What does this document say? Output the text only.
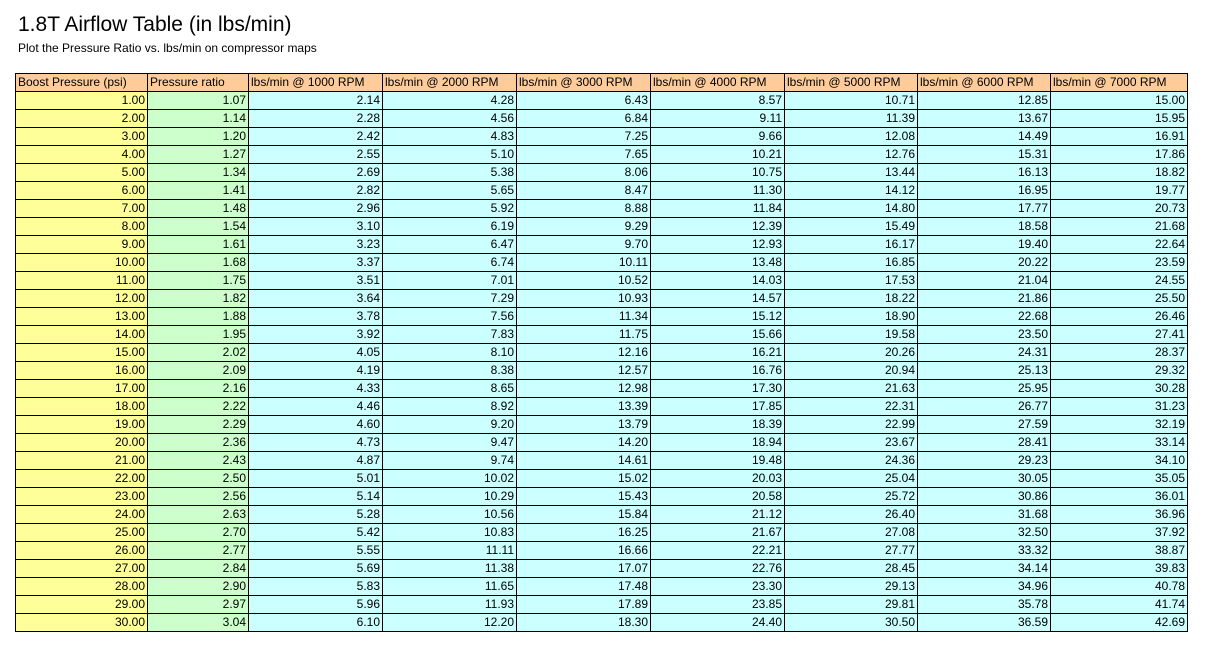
1.8T Airflow Table (in lbs/min)
Plot the Pressure Ratio vs. lbs/min on compressor maps
Boost Pressure (psi)	Pressure ratio	lbs/min @ 1000 RPM	lbs/min @ 2000 RPM	lbs/min @ 3000 RPM	lbs/min @ 4000 RPM	lbs/min @ 5000 RPM	lbs/min @ 6000 RPM	lbs/min @ 7000 RPM
1.00	1.07	2.14	4.28	6.43	8.57	10.71	12.85	15.00
2.00	1.14	2.28	4.56	6.84	9.11	11.39	13.67	15.95
3.00	1.20	2.42	4.83	7.25	9.66	12.08	14.49	16.91
4.00	1.27	2.55	5.10	7.65	10.21	12.76	15.31	17.86
5.00	1.34	2.69	5.38	8.06	10.75	13.44	16.13	18.82
6.00	1.41	2.82	5.65	8.47	11.30	14.12	16.95	19.77
7.00	1.48	2.96	5.92	8.88	11.84	14.80	17.77	20.73
8.00	1.54	3.10	6.19	9.29	12.39	15.49	18.58	21.68
9.00	1.61	3.23	6.47	9.70	12.93	16.17	19.40	22.64
10.00	1.68	3.37	6.74	10.11	13.48	16.85	20.22	23.59
11.00	1.75	3.51	7.01	10.52	14.03	17.53	21.04	24.55
12.00	1.82	3.64	7.29	10.93	14.57	18.22	21.86	25.50
13.00	1.88	3.78	7.56	11.34	15.12	18.90	22.68	26.46
14.00	1.95	3.92	7.83	11.75	15.66	19.58	23.50	27.41
15.00	2.02	4.05	8.10	12.16	16.21	20.26	24.31	28.37
16.00	2.09	4.19	8.38	12.57	16.76	20.94	25.13	29.32
17.00	2.16	4.33	8.65	12.98	17.30	21.63	25.95	30.28
18.00	2.22	4.46	8.92	13.39	17.85	22.31	26.77	31.23
19.00	2.29	4.60	9.20	13.79	18.39	22.99	27.59	32.19
20.00	2.36	4.73	9.47	14.20	18.94	23.67	28.41	33.14
21.00	2.43	4.87	9.74	14.61	19.48	24.36	29.23	34.10
22.00	2.50	5.01	10.02	15.02	20.03	25.04	30.05	35.05
23.00	2.56	5.14	10.29	15.43	20.58	25.72	30.86	36.01
24.00	2.63	5.28	10.56	15.84	21.12	26.40	31.68	36.96
25.00	2.70	5.42	10.83	16.25	21.67	27.08	32.50	37.92
26.00	2.77	5.55	11.11	16.66	22.21	27.77	33.32	38.87
27.00	2.84	5.69	11.38	17.07	22.76	28.45	34.14	39.83
28.00	2.90	5.83	11.65	17.48	23.30	29.13	34.96	40.78
29.00	2.97	5.96	11.93	17.89	23.85	29.81	35.78	41.74
30.00	3.04	6.10	12.20	18.30	24.40	30.50	36.59	42.69
